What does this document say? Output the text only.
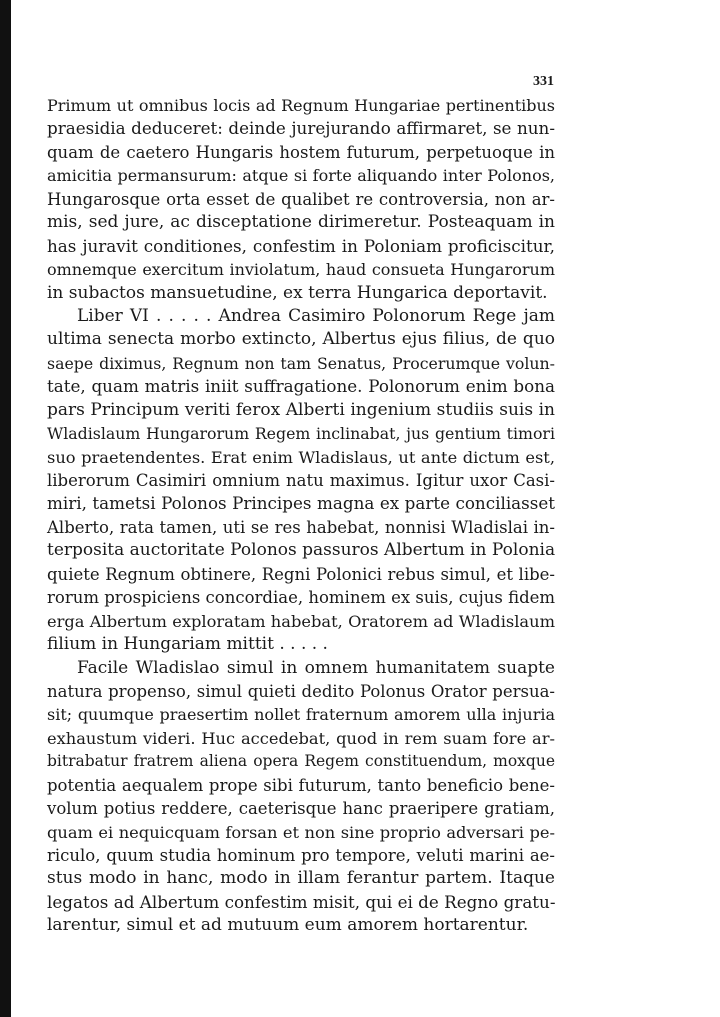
331
Primum ut omnibus locis ad Regnum Hungariae pertinentibus
praesidia deduceret: deinde jurejurando affirmaret, se nun-
quam de caetero Hungaris hostem futurum, perpetuoque in
amicitia permansurum: atque si forte aliquando inter Polonos,
Hungarosque orta esset de qualibet re controversia, non ar-
mis, sed jure, ac disceptatione dirimeretur. Posteaquam in
has juravit conditiones, confestim in Poloniam proficiscitur,
omnemque exercitum inviolatum, haud consueta Hungarorum
in subactos mansuetudine, ex terra Hungarica deportavit.
Liber VI . . . . . Andrea Casimiro Polonorum Rege jam
ultima senecta morbo extincto, Albertus ejus filius, de quo
saepe diximus, Regnum non tam Senatus, Procerumque volun-
tate, quam matris iniit suffragatione. Polonorum enim bona
pars Principum veriti ferox Alberti ingenium studiis suis in
Wladislaum Hungarorum Regem inclinabat, jus gentium timori
suo praetendentes. Erat enim Wladislaus, ut ante dictum est,
liberorum Casimiri omnium natu maximus. Igitur uxor Casi-
miri, tametsi Polonos Principes magna ex parte conciliasset
Alberto, rata tamen, uti se res habebat, nonnisi Wladislai in-
terposita auctoritate Polonos passuros Albertum in Polonia
quiete Regnum obtinere, Regni Polonici rebus simul, et libe-
rorum prospiciens concordiae, hominem ex suis, cujus fidem
erga Albertum exploratam habebat, Oratorem ad Wladislaum
filium in Hungariam mittit . . . . .
Facile Wladislao simul in omnem humanitatem suapte
natura propenso, simul quieti dedito Polonus Orator persua-
sit; quumque praesertim nollet fraternum amorem ulla injuria
exhaustum videri. Huc accedebat, quod in rem suam fore ar-
bitrabatur fratrem aliena opera Regem constituendum, moxque
potentia aequalem prope sibi futurum, tanto beneficio bene-
volum potius reddere, caeterisque hanc praeripere gratiam,
quam ei nequicquam forsan et non sine proprio adversari pe-
riculo, quum studia hominum pro tempore, veluti marini ae-
stus modo in hanc, modo in illam ferantur partem. Itaque
legatos ad Albertum confestim misit, qui ei de Regno gratu-
larentur, simul et ad mutuum eum amorem hortarentur.
